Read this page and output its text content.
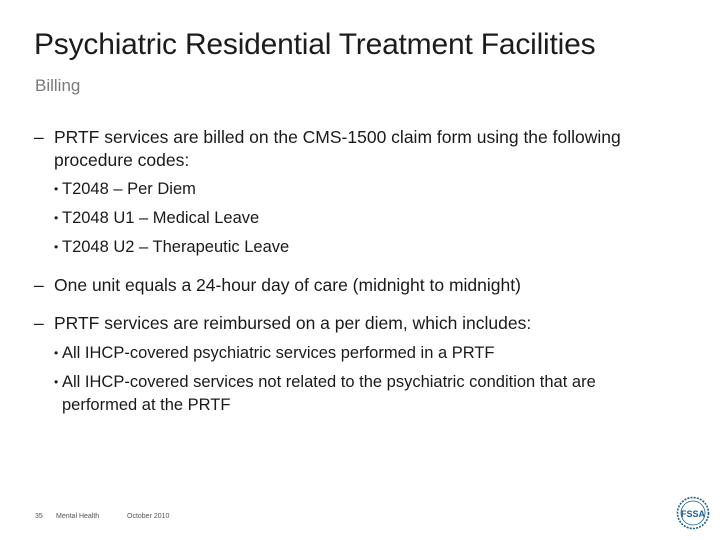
Psychiatric Residential Treatment Facilities
Billing
– PRTF services are billed on the CMS-1500 claim form using the following procedure codes:
• T2048 – Per Diem
• T2048 U1 – Medical Leave
• T2048 U2 – Therapeutic Leave
– One unit equals a 24-hour day of care (midnight to midnight)
– PRTF services are reimbursed on a per diem, which includes:
• All IHCP-covered psychiatric services performed in a PRTF
• All IHCP-covered services not related to the psychiatric condition that are performed at the PRTF
35 Mental Health	October 2010	FSSA
